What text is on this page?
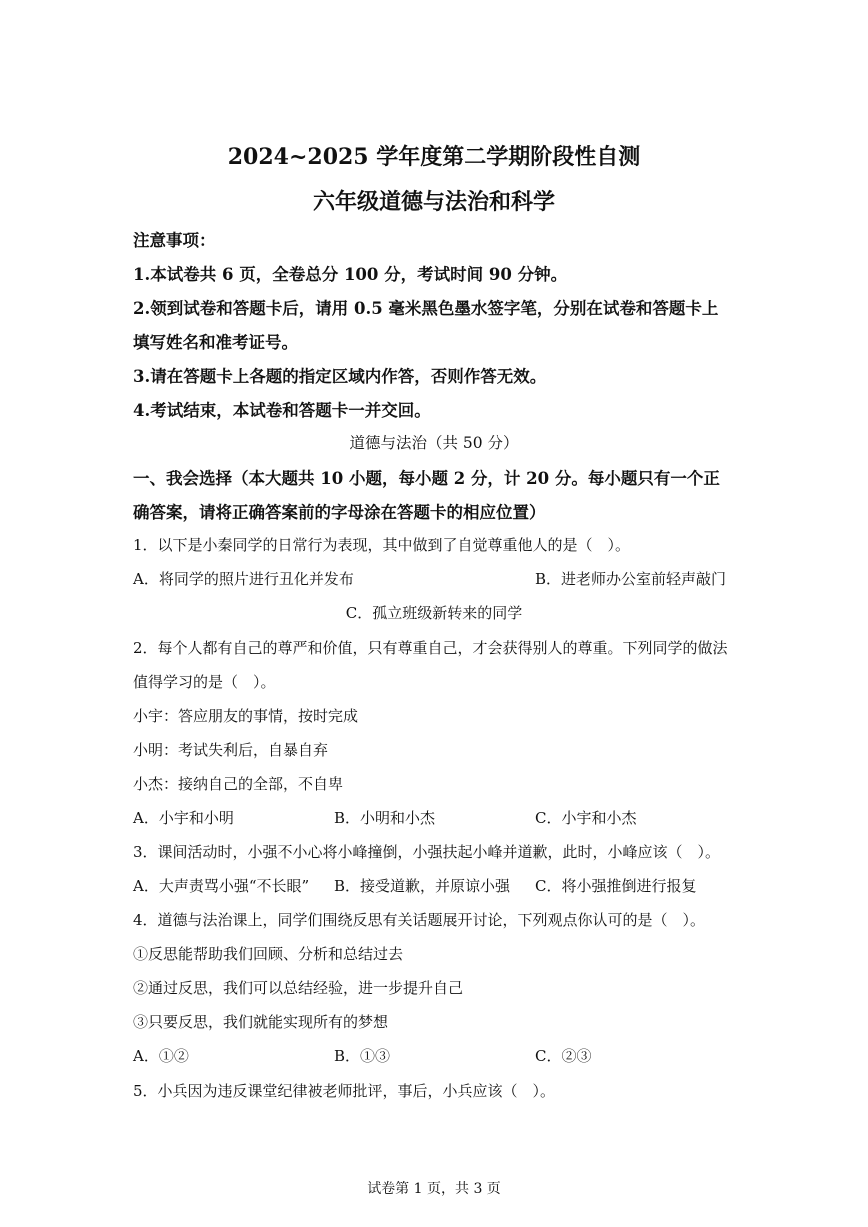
2024~2025 学年度第二学期阶段性自测
六年级道德与法治和科学
注意事项：
1.本试卷共 6 页，全卷总分 100 分，考试时间 90 分钟。
2.领到试卷和答题卡后，请用 0.5 毫米黑色墨水签字笔，分别在试卷和答题卡上
填写姓名和准考证号。
3.请在答题卡上各题的指定区域内作答，否则作答无效。
4.考试结束，本试卷和答题卡一并交回。
道德与法治（共 50 分）
一、我会选择（本大题共 10 小题，每小题 2 分，计 20 分。每小题只有一个正
确答案，请将正确答案前的字母涂在答题卡的相应位置）
1．以下是小秦同学的日常行为表现，其中做到了自觉尊重他人的是（　）。
A．将同学的照片进行丑化并发布	B．进老师办公室前轻声敲门
C．孤立班级新转来的同学
2．每个人都有自己的尊严和价值，只有尊重自己，才会获得别人的尊重。下列同学的做法
值得学习的是（　）。
小宇：答应朋友的事情，按时完成
小明：考试失利后，自暴自弃
小杰：接纳自己的全部，不自卑
A．小宇和小明	B．小明和小杰	C．小宇和小杰
3．课间活动时，小强不小心将小峰撞倒，小强扶起小峰并道歉，此时，小峰应该（　）。
A．大声责骂小强“不长眼” B．接受道歉，并原谅小强 C．将小强推倒进行报复
4．道德与法治课上，同学们围绕反思有关话题展开讨论，下列观点你认可的是（　）。
①反思能帮助我们回顾、分析和总结过去
②通过反思，我们可以总结经验，进一步提升自己
③只要反思，我们就能实现所有的梦想
A．①②	B．①③	C．②③
5．小兵因为违反课堂纪律被老师批评，事后，小兵应该（　）。
试卷第 1 页，共 3 页
